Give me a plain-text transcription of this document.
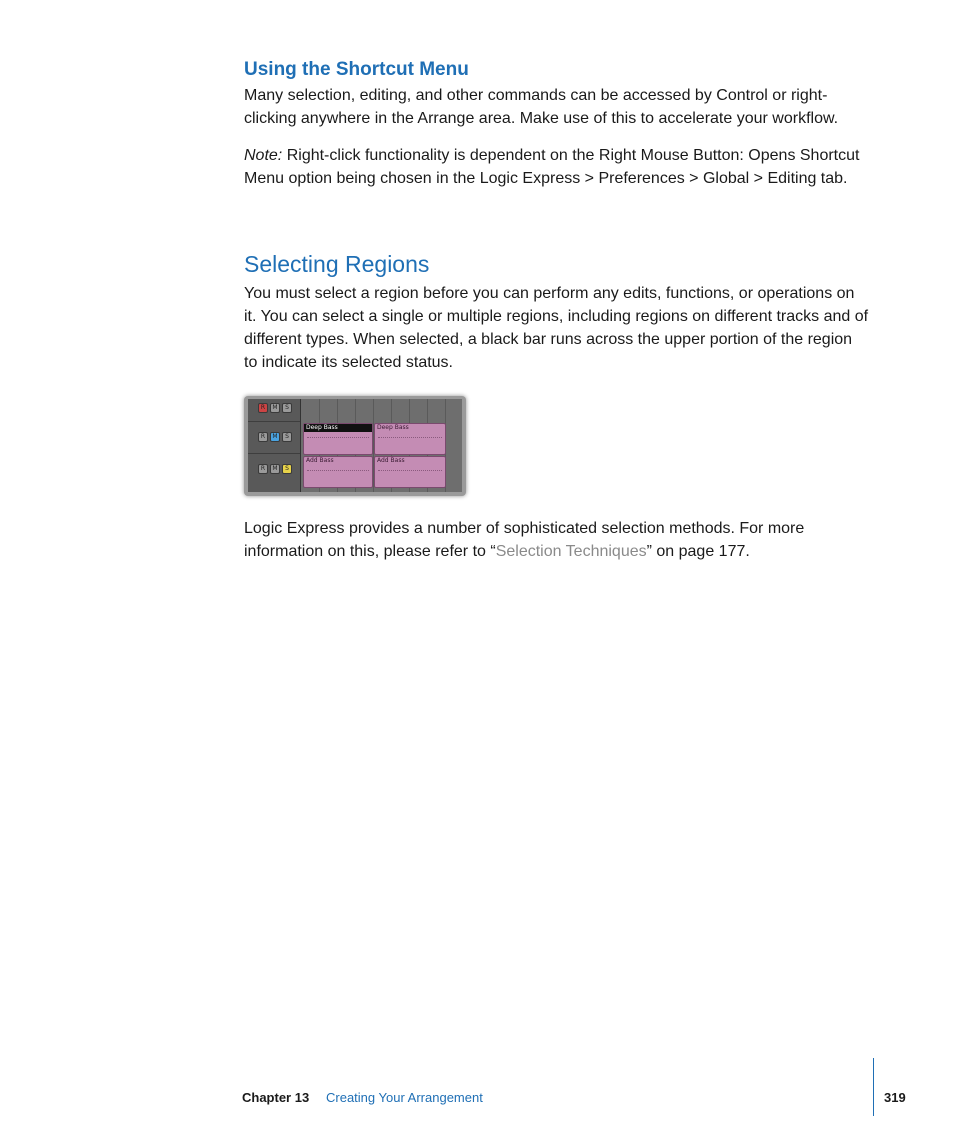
Using the Shortcut Menu

Many selection, editing, and other commands can be accessed by Control or right-clicking anywhere in the Arrange area. Make use of this to accelerate your workflow.

Note: Right-click functionality is dependent on the Right Mouse Button: Opens Shortcut Menu option being chosen in the Logic Express > Preferences > Global > Editing tab.

Selecting Regions

You must select a region before you can perform any edits, functions, or operations on it. You can select a single or multiple regions, including regions on different tracks and of different types. When selected, a black bar runs across the upper portion of the region to indicate its selected status.

R	M	S
R	M	S
R	M	S
Deep Bass	Deep Bass
Add Bass	Add Bass

Logic Express provides a number of sophisticated selection methods. For more information on this, please refer to “Selection Techniques” on page 177.

Chapter 13 Creating Your Arrangement	319
